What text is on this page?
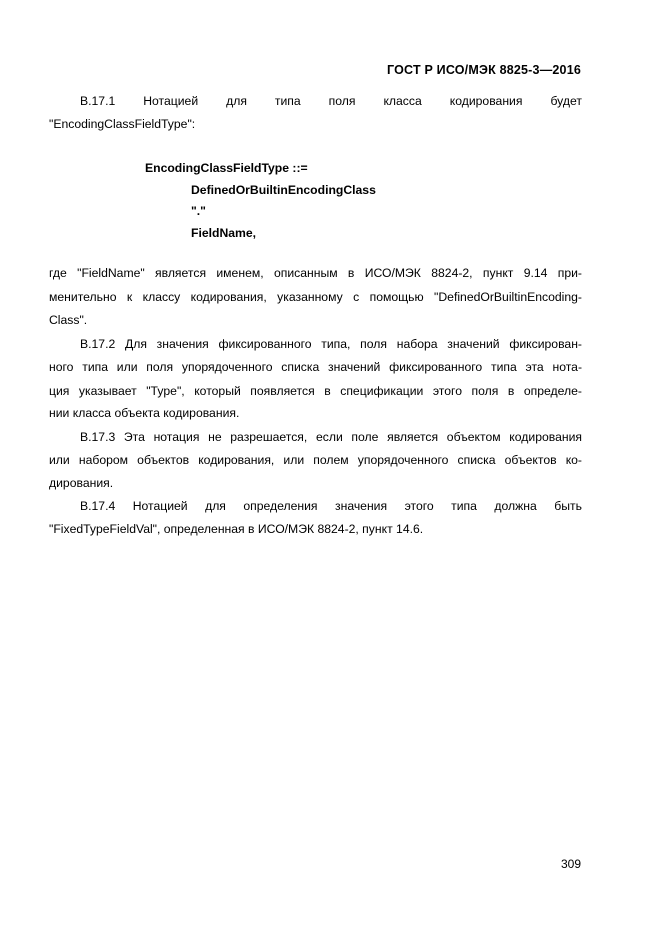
ГОСТ Р ИСО/МЭК 8825-3—2016
B.17.1 Нотацией для типа поля класса кодирования будет
"EncodingClassFieldType":
EncodingClassFieldType ::=
DefinedOrBuiltinEncodingClass
"."
FieldName,
где "FieldName" является именем, описанным в ИСО/МЭК 8824-2, пункт 9.14 при-
менительно к классу кодирования, указанному с помощью "DefinedOrBuiltinEncoding-
Class".
B.17.2 Для значения фиксированного типа, поля набора значений фиксирован-
ного типа или поля упорядоченного списка значений фиксированного типа эта нота-
ция указывает "Type", который появляется в спецификации этого поля в определе-
нии класса объекта кодирования.
B.17.3 Эта нотация не разрешается, если поле является объектом кодирования
или набором объектов кодирования, или полем упорядоченного списка объектов ко-
дирования.
B.17.4 Нотацией для определения значения этого типа должна быть
"FixedTypeFieldVal", определенная в ИСО/МЭК 8824-2, пункт 14.6.
309
